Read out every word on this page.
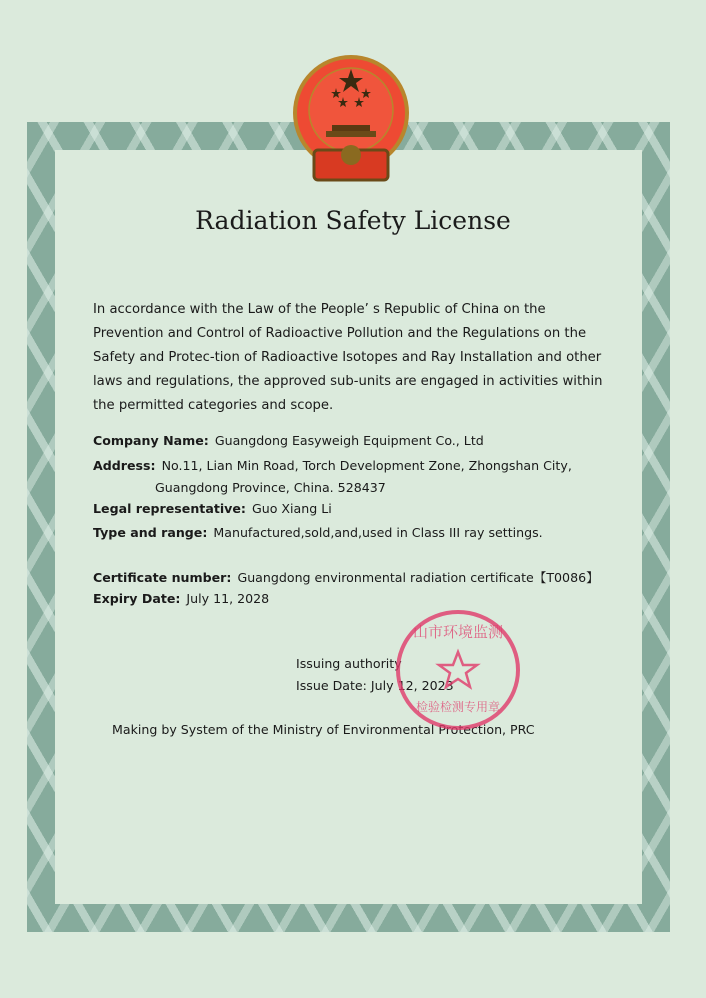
Radiation Safety License
In accordance with the Law of the People’ s Republic of China on the Prevention and Control of Radioactive Pollution and the Regulations on the Safety and Protec-tion of Radioactive Isotopes and Ray Installation and other laws and regulations, the approved sub-units are engaged in activities within the permitted categories and scope.
Company Name: Guangdong Easyweigh Equipment Co., Ltd
Address: No.11, Lian Min Road, Torch Development Zone, Zhongshan City,
Guangdong Province, China. 528437
Legal representative: Guo Xiang Li
Type and range: Manufactured,sold,and,used in Class III ray settings.
Certificate number: Guangdong environmental radiation certificate【T0086】
Expiry Date: July 11, 2028
Issuing authority
Issue Date: July 12, 2023
Making by System of the Ministry of Environmental Protection, PRC
山市环境监测
检验检测专用章
